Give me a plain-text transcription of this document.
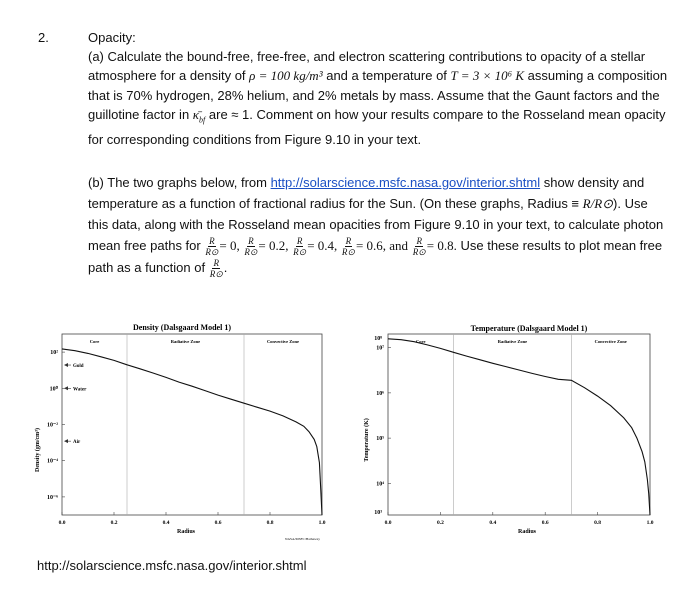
2.	Opacity:

(a) Calculate the bound-free, free-free, and electron scattering contributions to opacity of a stellar atmosphere for a density of ρ = 100 kg/m³ and a temperature of T = 3 × 10⁶ K assuming a composition that is 70% hydrogen, 28% helium, and 2% metals by mass. Assume that the Gaunt factors and the guillotine factor in $\kappā_{bf}$ are ≈ 1. Comment on how your results compare to the Rosseland mean opacity for corresponding conditions from Figure 9.10 in your text.

(b) The two graphs below, from http://solarscience.msfc.nasa.gov/interior.shtml show density and temperature as a function of fractional radius for the Sun. (On these graphs, Radius ≡ R/R⊙). Use this data, along with the Rosseland mean opacities from Figure 9.10 in your text, to calculate photon mean free paths for $\frac{R}{R⊙} = 0$, $\frac{R}{R⊙} = 0.2$, $\frac{R}{R⊙} = 0.4$, $\frac{R}{R⊙} = 0.6$, and $\frac{R}{R⊙} = 0.8$. Use these results to plot mean free path as a function of $\frac{R}{R⊙}$ .

Density (Dalsgaard Model 1)
Density (gm/cm³)
Radius
NASA/MSFC/Hathaway
Core	Radiative Zone	Convective Zone
0.0	0.2	0.4	0.6	0.8	1.0
10²
10⁰
10⁻²
10⁻⁴
10⁻⁶
Gold
Water
Air
Temperature (Dalsgaard Model 1)
Temperature (K)
Radius
10⁸
10³
Core	Radiative Zone	Convective Zone
0.0	0.2	0.4	0.6	0.8	1.0
10⁷
10⁶
10⁵
10⁴
http://solarscience.msfc.nasa.gov/interior.shtml
